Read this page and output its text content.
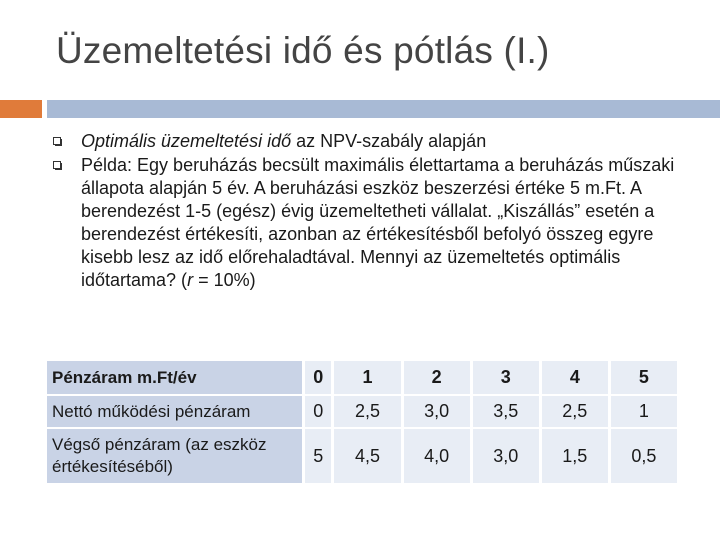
Üzemeltetési idő és pótlás (I.)
Optimális üzemeltetési idő az NPV-szabály alapján
Példa: Egy beruházás becsült maximális élettartama a beruházás műszaki állapota alapján 5 év. A beruházási eszköz beszerzési értéke 5 m.Ft. A berendezést 1-5 (egész) évig üzemeltetheti vállalat. „Kiszállás” esetén a berendezést értékesíti, azonban az értékesítésből befolyó összeg egyre kisebb lesz az idő előrehaladtával. Mennyi az üzemeltetés optimális időtartama? (r = 10%)
Pénzáram m.Ft/év		0		1		2		3		4		5
Nettó működési pénzáram		0		2,5		3,0		3,5		2,5		1
Végső pénzáram (az eszköz értékesítéséből)		5		4,5		4,0		3,0		1,5		0,5
